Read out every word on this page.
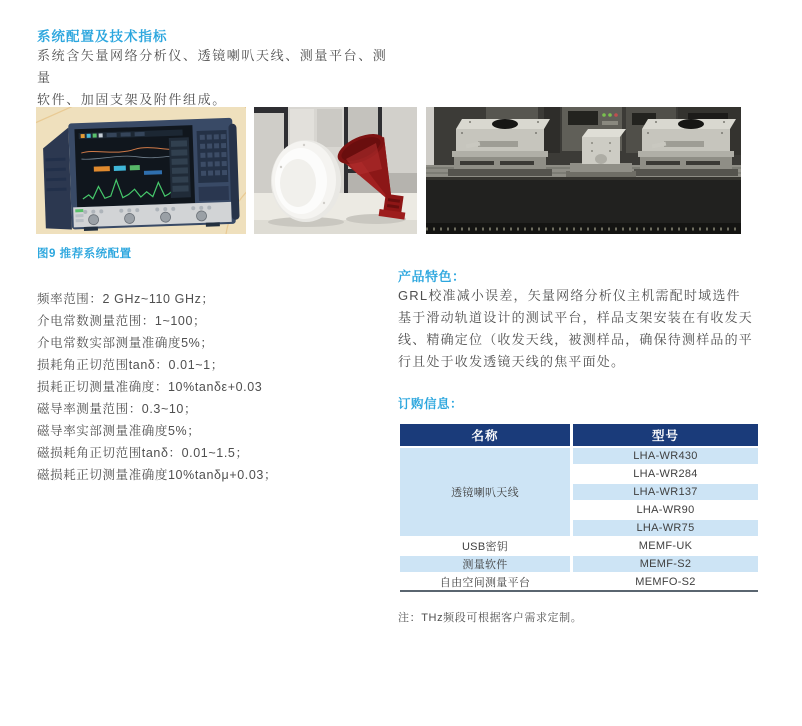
系统配置及技术指标
系统含矢量网络分析仪、透镜喇叭天线、测量平台、测量
软件、加固支架及附件组成。
图9 推荐系统配置
频率范围：2 GHz~110 GHz；
介电常数测量范围：1~100；
介电常数实部测量准确度5%；
损耗角正切范围tanδ：0.01~1；
损耗正切测量准确度：10%tanδε+0.03
磁导率测量范围：0.3~10；
磁导率实部测量准确度5%；
磁损耗角正切范围tanδ：0.01~1.5；
磁损耗正切测量准确度10%tanδμ+0.03；
产品特色：
GRL校准减小误差，矢量网络分析仪主机需配时域选件
基于滑动轨道设计的测试平台，样品支架安装在有收发天
线、精确定位（收发天线，被测样品，确保待测样品的平
行且处于收发透镜天线的焦平面处。
订购信息：
名称	型号
透镜喇叭天线	LHA-WR430
	LHA-WR284
	LHA-WR137
	LHA-WR90
	LHA-WR75
USB密钥	MEMF-UK
测量软件	MEMF-S2
自由空间测量平台	MEMFO-S2
注：THz频段可根据客户需求定制。
